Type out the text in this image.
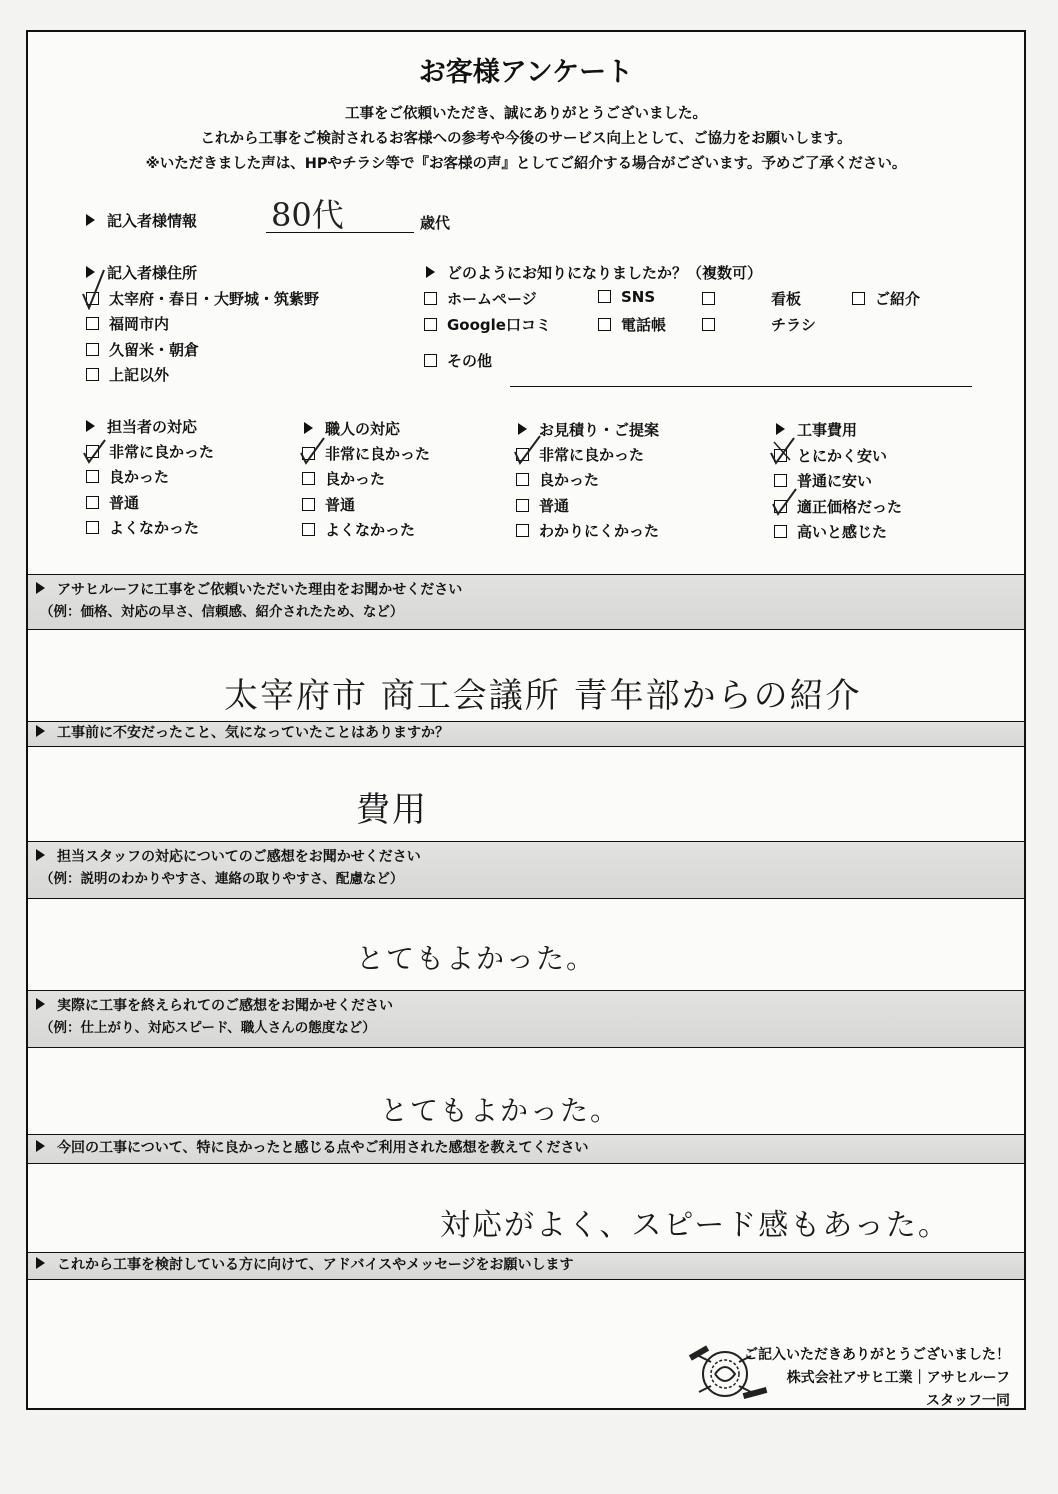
お客様アンケート
工事をご依頼いただき、誠にありがとうございました。
これから工事をご検討されるお客様への参考や今後のサービス向上として、ご協力をお願いします。
※いただきました声は、HPやチラシ等で『お客様の声』としてご紹介する場合がございます。予めご了承ください。
記入者様情報 80代	歳代
記入者様住所
太宰府・春日・大野城・筑紫野
福岡市内
久留米・朝倉
上記以外
どのようにお知りになりましたか？（複数可）
ホームページ	SNS	看板	ご紹介
Google口コミ	電話帳	チラシ
その他
担当者の対応
非常に良かった
良かった
普通
よくなかった
職人の対応
非常に良かった
良かった
普通
よくなかった
お見積り・ご提案
非常に良かった
良かった
普通
わかりにくかった
工事費用
とにかく安い
普通に安い
適正価格だった
高いと感じた
アサヒルーフに工事をご依頼いただいた理由をお聞かせください
（例：価格、対応の早さ、信頼感、紹介されたため、など）
太宰府市 商工会議所 青年部からの紹介
工事前に不安だったこと、気になっていたことはありますか？
費用
担当スタッフの対応についてのご感想をお聞かせください
（例：説明のわかりやすさ、連絡の取りやすさ、配慮など）
とてもよかった。
実際に工事を終えられてのご感想をお聞かせください
（例：仕上がり、対応スピード、職人さんの態度など）
とてもよかった。
今回の工事について、特に良かったと感じる点やご利用された感想を教えてください
対応がよく、スピード感もあった。
これから工事を検討している方に向けて、アドバイスやメッセージをお願いします
ご記入いただきありがとうございました！
株式会社アサヒ工業｜アサヒルーフ
スタッフ一同
